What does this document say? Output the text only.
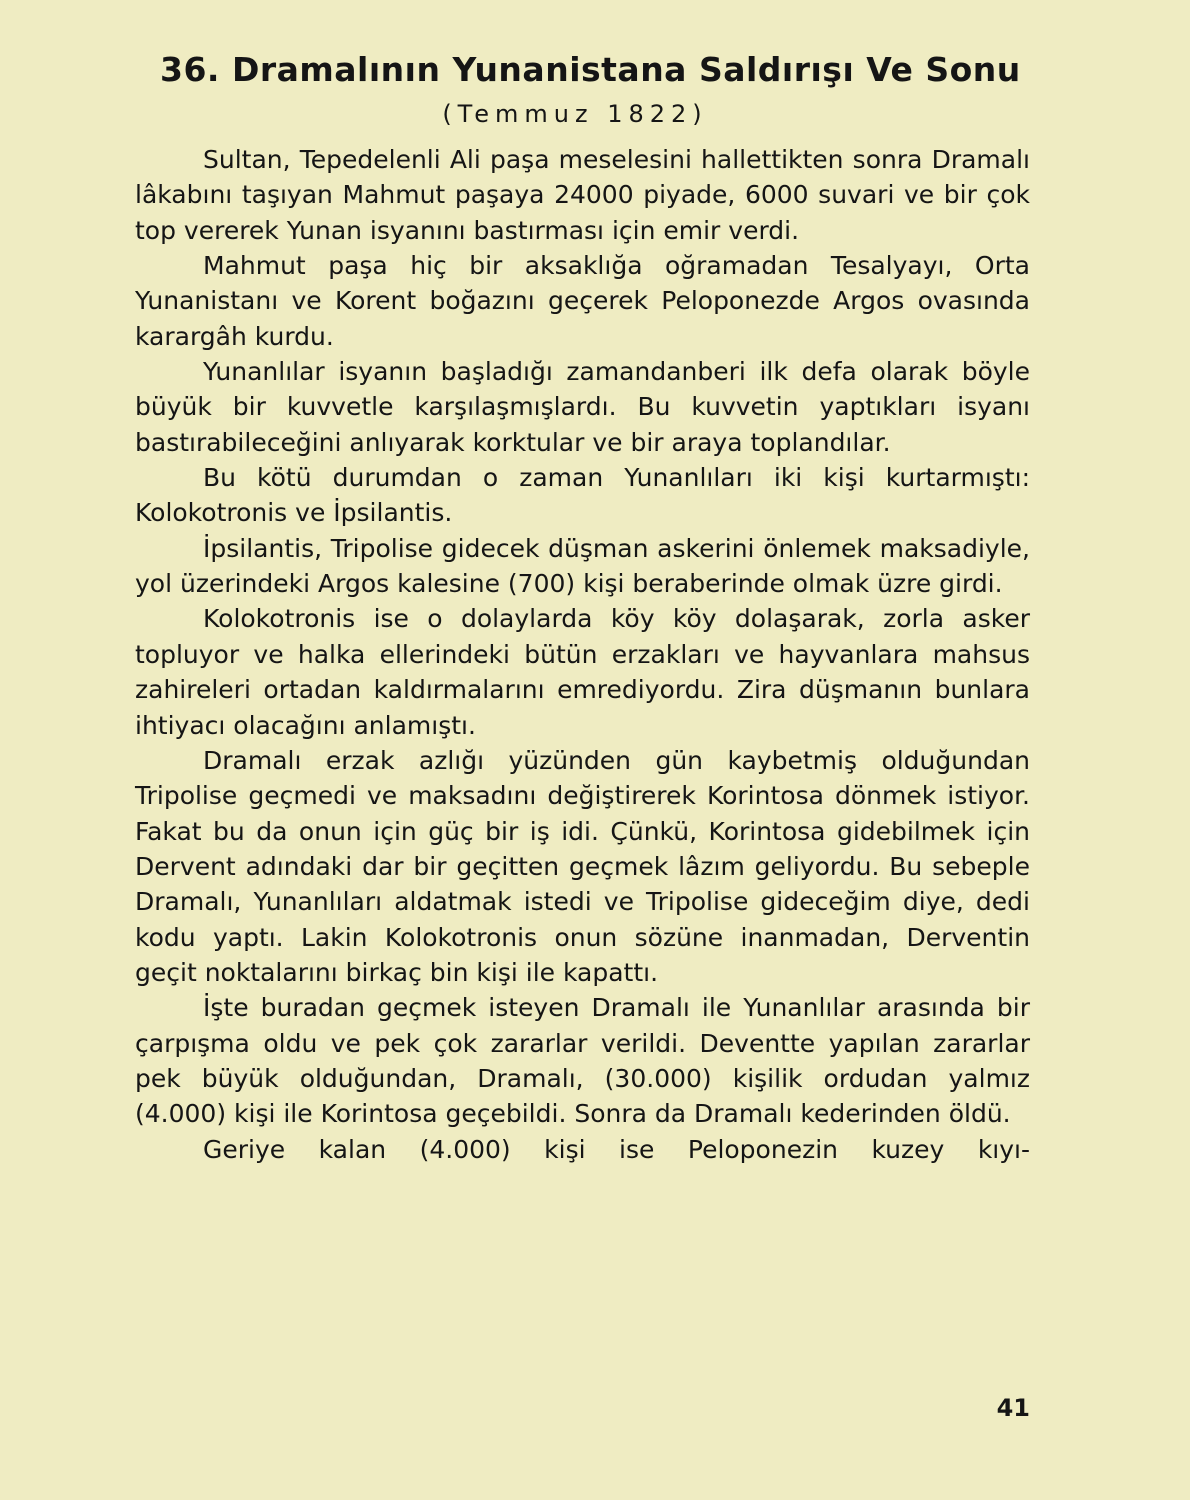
36. Dramalının Yunanistana Saldırışı Ve Sonu
(Temmuz 1822)

Sultan, Tepedelenli Ali paşa meselesini hallettikten sonra Dramalı lâkabını taşıyan Mahmut paşaya 24000 piyade, 6000 suvari ve bir çok top vererek Yunan isyanını bastırması için emir verdi.

Mahmut paşa hiç bir aksaklığa oğramadan Tesalyayı, Orta Yunanistanı ve Korent boğazını geçerek Peloponezde Argos ovasında karargâh kurdu.

Yunanlılar isyanın başladığı zamandanberi ilk defa olarak böyle büyük bir kuvvetle karşılaşmışlardı. Bu kuvvetin yaptıkları isyanı bastırabileceğini anlıyarak korktular ve bir araya toplandılar.

Bu kötü durumdan o zaman Yunanlıları iki kişi kurtarmıştı: Kolokotronis ve İpsilantis.

İpsilantis, Tripolise gidecek düşman askerini önlemek maksadiyle, yol üzerindeki Argos kalesine (700) kişi beraberinde olmak üzre girdi.

Kolokotronis ise o dolaylarda köy köy dolaşarak, zorla asker topluyor ve halka ellerindeki bütün erzakları ve hayvanlara mahsus zahireleri ortadan kaldırmalarını emrediyordu. Zira düşmanın bunlara ihtiyacı olacağını anlamıştı.

Dramalı erzak azlığı yüzünden gün kaybetmiş olduğundan Tripolise geçmedi ve maksadını değiştirerek Korintosa dönmek istiyor. Fakat bu da onun için güç bir iş idi. Çünkü, Korintosa gidebilmek için Dervent adındaki dar bir geçitten geçmek lâzım geliyordu. Bu sebeple Dramalı, Yunanlıları aldatmak istedi ve Tripolise gideceğim diye, dedi kodu yaptı. Lakin Kolokotronis onun sözüne inanmadan, Derventin geçit noktalarını birkaç bin kişi ile kapattı.

İşte buradan geçmek isteyen Dramalı ile Yunanlılar arasında bir çarpışma oldu ve pek çok zararlar verildi. Deventte yapılan zararlar pek büyük olduğundan, Dramalı, (30.000) kişilik ordudan yalmız (4.000) kişi ile Korintosa geçebildi. Sonra da Dramalı kederinden öldü.

Geriye kalan (4.000) kişi ise Peloponezin kuzey kıyı-

41
